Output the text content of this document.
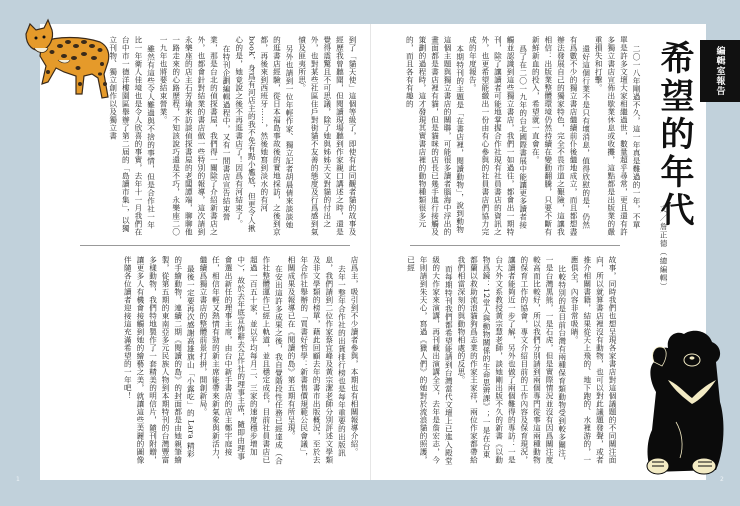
編輯室報告
希望的年代
文／詹正德（總編輯）

二〇一八年剛過不久，這一年真是難過的一年，不單單是許多文壇大家相繼過世，數量超乎尋常，更且還有許多獨立書店宣佈出歇業休息或收攤，這點都是出版業的嚴重損失和打擊。

還好這個行業不是只有壞消息，值得欣慰的是，仍然有爲數不少的獨立書店繼續前仆後繼地成立，而且都想盡辦法發展自己的獨家特色，完全不畏市道之艱險，這讓我相信：出版業整體環境仍然持續在變動翻騰，只要不斷有新鮮新血的投入，希望就一直會在。

爲了在二〇一九年的台北國際書展中能讓更多讀者接觸並認識到這些獨立書店，我們一如過往，都會出一期特刊，除了讓讀者可能地掌握合作社現有社員書店的資訊之外，也更希望能繳出一份由有心參與的社員書店們協力完成的年度報告。

本期特刊的主題是「在書店裡，閱讀動物」，說到動物這個主題與獨立書店的關聯，可能很多讀者腦海中浮出的畫面都是書店裡有貓，但是貓咪的店長已幾手進行接觸及策劃的過程時，這才發現其實書店裡的動物種類很多元的，而且各有有趣的

故事，同時我們也想呈現各家書店對這個議題的不同關注面向，所以就算書店裡沒有動物，也可以對此議題發聲，或者推介相關書籍，結果從天上飛的、地下跑的、水裡游的，一應俱全，內容非常吸睛。

比較特別的是目前台灣有兩種保育類動物受到較多關注，一是台灣黑熊，一是石虎，但是實際情況並沒有因爲關注度較高而比較好，所以我們分別請到兩個專門從事這兩種動物的保育工作的協會，專文介紹目前的工作內容及保育現況，讓讀者能夠近一步了解，另外也做了兩個難得的專訪：一是台大外文系教授黃宗慧老師，談她剛出版不久的新書《以動物爲鏡：12堂人與動物關係的生命思辨課》；一是在台東都蘭以救助流浪貓狗爲志業的作家王家祥，兩位作家都帶給我們相當深刻的與動物相處的反思。

而每期特刊我們都希望能請到台灣當代文壇上已進入殿堂級的大作家來演講，再刊載出演講全文，去年是詹宏志，今年則請到朱天心，寫過《獵人們》的她對於流浪貓的照護，已經

到了「貓天使」這個等級了，即使有此同觀者貓的故事及經歷我曾聽聞，但閱讀現場聽到作家親口講述之時，還是覺得震驚且不可思議，除了她與姊姊天文對貓的付出之外，也對某些社區住戶對街貓不友善的態度及行爲感到氣憤及匪夷所思。

另外也請到一位年輕作家、獨立記者胡晨倩來談談她的逛書店經驗，從日本福島事故後的實地採訪，之後到京都，再後來到西班牙……，然後她寫到淡水的有河 book，身爲有河店主的我不免有點小尷尬，但更令人揪心的是，她竟說之後不再逛書店了！因爲有河結束了。

在特刊企劃編輯過程中，又有一間書店宣告結束營業，那是台北的偵探書屋，我們得一關除了介紹新書店之外，也都會針對結業的書店做一些特別的報導，這次請到永樂座的店主石芳瑜來訪談偵探書屋的老闆譚端，聊聊他一路走來的心路歷程，不知該說巧還是不巧，永樂座二〇一九年也將要結束營業。

雖然有這些令人難過與不捨的事情，但是合作社一年比一年衛人佳境也是令人欣喜的事實，去年十一月我們在台中市一德洋樓園區舉辦了第二屆的「島讀市集」，以獨立刊物、獨立創作以及獨立書

店爲主，吸引到不少讀者參與，本期也有相關報導介紹。

去年一整年合作社的出貨排行榜也是每年重要的出版訊息，我們請到二位作家蔡宜峰及黃宗潔老師分別評述文學類及非文學類的榜單，藉此回顧去年的書市出版概況，至於去年合作社舉辦的「買書好哲學：新書售價規範公民會議」，相關成果及報導已在《閱讀的島》第五期有所呈現。

在安出這許多成果之後，我自覺階段性任務已經達成（合作社整體運作已經上軌道，並且穩定成長，目前社員書店已超過一百五十家，並以平均每月二、三家的速度穩步增加中），故於去年底宣佈辭去合作社的理事主席，隨即由理事會選出新任的理事主席，由台中新手書店的店主鄭宇庭接任，相信年輕又熱情有勁的新主席能帶來新氣象與新活力，繼續爲獨立書店的整體前景打拼，開創新局。

最後一定要再次感謝高雄旗山「小露吃」的 Lara 精彩的手繪動物，連續二期《閱讀的島》的封面都是由她親筆繪製，從第五期的東南亞多元民族人物到本期特刊的台灣豐富多樣動物，我們特地製作了一套精美的明信片，隨刊附贈，讓更多人有機會接觸到她的繪藝之美，就讓這些美麗的圖像伴隨各位讀者迎接這充滿希望的一年吧！

1	2
